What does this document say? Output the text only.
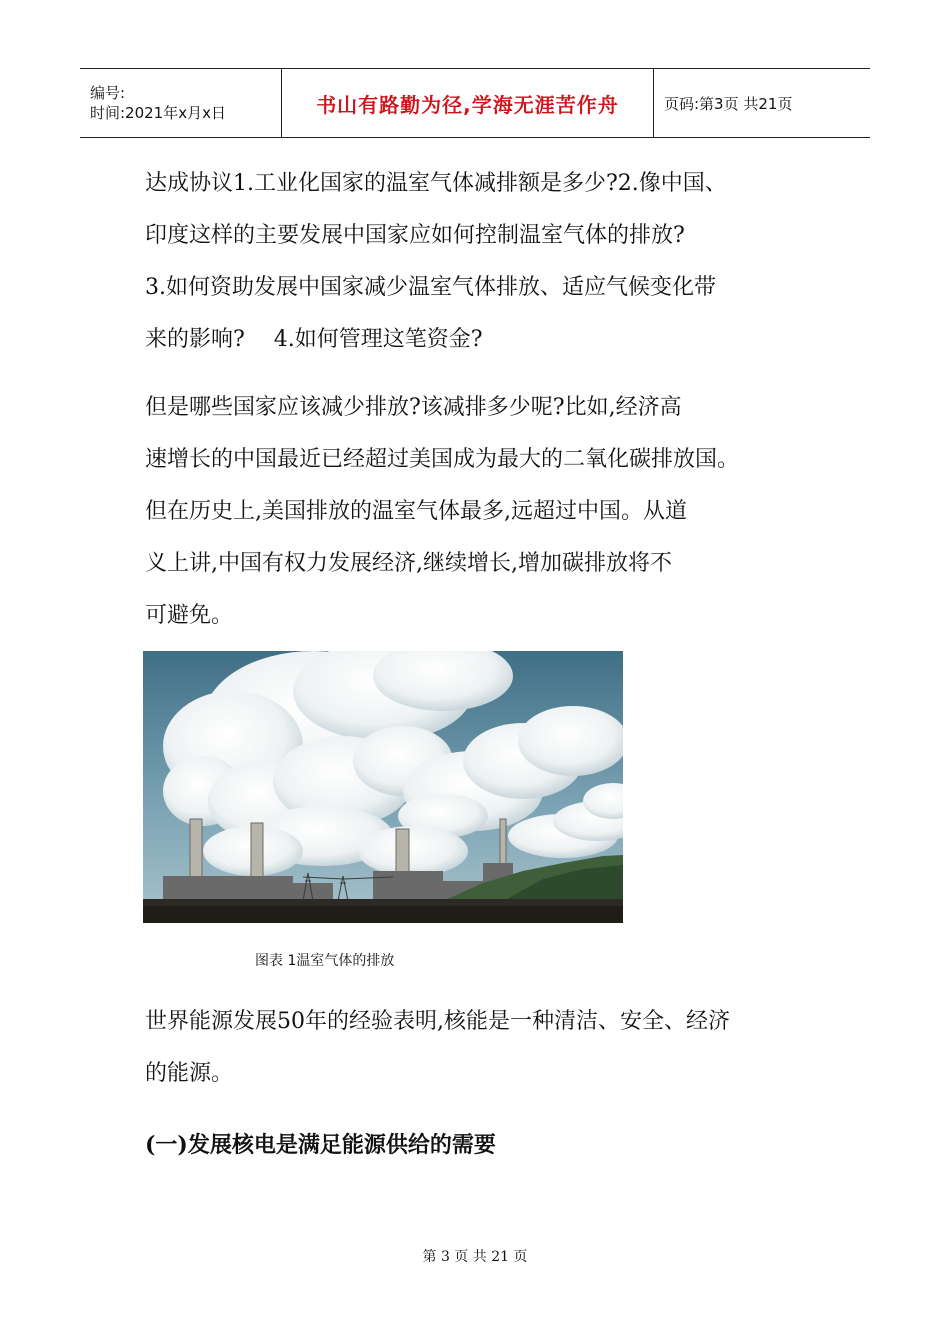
编号:
时间:2021年x月x日	书山有路勤为径,学海无涯苦作舟	页码:第3页 共21页

达成协议1.工业化国家的温室气体减排额是多少?2.像中国、

印度这样的主要发展中国家应如何控制温室气体的排放?

3.如何资助发展中国家减少温室气体排放、适应气候变化带

来的影响?　 4.如何管理这笔资金?

但是哪些国家应该减少排放?该减排多少呢?比如,经济高

速增长的中国最近已经超过美国成为最大的二氧化碳排放国。

但在历史上,美国排放的温室气体最多,远超过中国。从道

义上讲,中国有权力发展经济,继续增长,增加碳排放将不

可避免。

图表 1温室气体的排放

世界能源发展50年的经验表明,核能是一种清洁、安全、经济

的能源。

(一)发展核电是满足能源供给的需要
第 3 页 共 21 页
